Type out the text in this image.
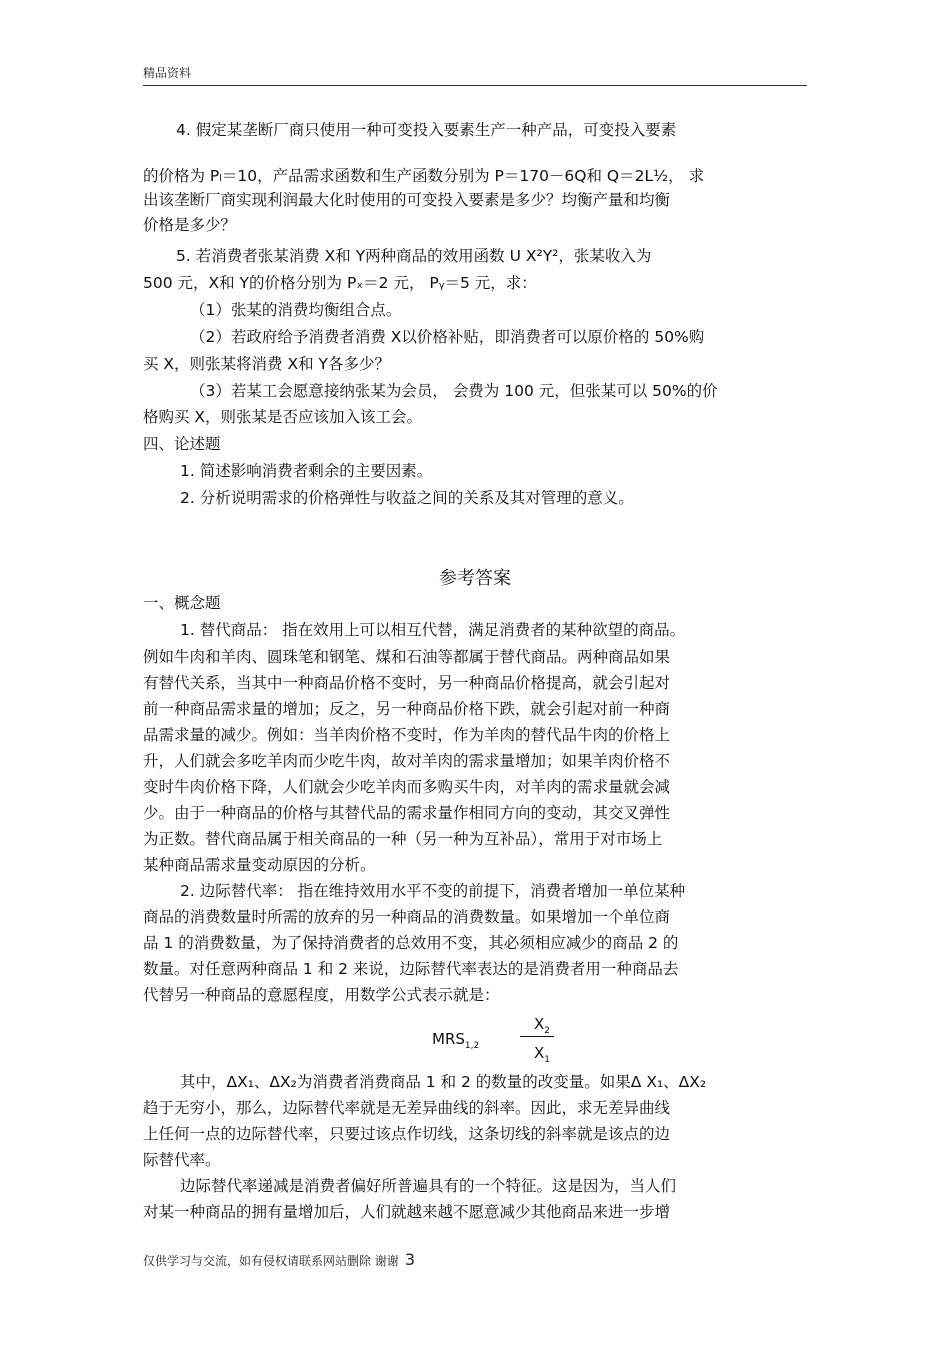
精品资料
4. 假定某垄断厂商只使用一种可变投入要素生产一种产品，可变投入要素
的价格为 Pₗ＝10，产品需求函数和生产函数分别为 P＝170－6Q和 Q＝2L½， 求
出该垄断厂商实现利润最大化时使用的可变投入要素是多少？均衡产量和均衡
价格是多少？
5. 若消费者张某消费 X和 Y两种商品的效用函数 U X²Y²，张某收入为
500 元，X和 Y的价格分别为 Pₓ＝2 元， Pᵧ＝5 元，求：
（1）张某的消费均衡组合点。
（2）若政府给予消费者消费 X以价格补贴，即消费者可以原价格的 50%购
买 X，则张某将消费 X和 Y各多少？
（3）若某工会愿意接纳张某为会员， 会费为 100 元，但张某可以 50%的价
格购买 X，则张某是否应该加入该工会。
四、论述题
1. 简述影响消费者剩余的主要因素。
2. 分析说明需求的价格弹性与收益之间的关系及其对管理的意义。
一、概念题
1. 替代商品： 指在效用上可以相互代替，满足消费者的某种欲望的商品。
例如牛肉和羊肉、圆珠笔和钢笔、煤和石油等都属于替代商品。两种商品如果
有替代关系，当其中一种商品价格不变时，另一种商品价格提高，就会引起对
前一种商品需求量的增加；反之，另一种商品价格下跌，就会引起对前一种商
品需求量的减少。例如：当羊肉价格不变时，作为羊肉的替代品牛肉的价格上
升，人们就会多吃羊肉而少吃牛肉，故对羊肉的需求量增加；如果羊肉价格不
变时牛肉价格下降，人们就会少吃羊肉而多购买牛肉，对羊肉的需求量就会减
少。由于一种商品的价格与其替代品的需求量作相同方向的变动，其交叉弹性
为正数。替代商品属于相关商品的一种（另一种为互补品），常用于对市场上
某种商品需求量变动原因的分析。
2. 边际替代率： 指在维持效用水平不变的前提下，消费者增加一单位某种
商品的消费数量时所需的放弃的另一种商品的消费数量。如果增加一个单位商
品 1 的消费数量，为了保持消费者的总效用不变，其必须相应减少的商品 2 的
数量。对任意两种商品 1 和 2 来说，边际替代率表达的是消费者用一种商品去
代替另一种商品的意愿程度，用数学公式表示就是：
其中，ΔX₁、ΔX₂为消费者消费商品 1 和 2 的数量的改变量。如果Δ X₁、ΔX₂
趋于无穷小，那么，边际替代率就是无差异曲线的斜率。因此，求无差异曲线
上任何一点的边际替代率，只要过该点作切线，这条切线的斜率就是该点的边
际替代率。
边际替代率递减是消费者偏好所普遍具有的一个特征。这是因为，当人们
对某一种商品的拥有量增加后，人们就越来越不愿意减少其他商品来进一步增
参考答案
$MRS_{1,2}$
$X_2$
$X_1$
仅供学习与交流，如有侵权请联系网站删除 谢谢 3
